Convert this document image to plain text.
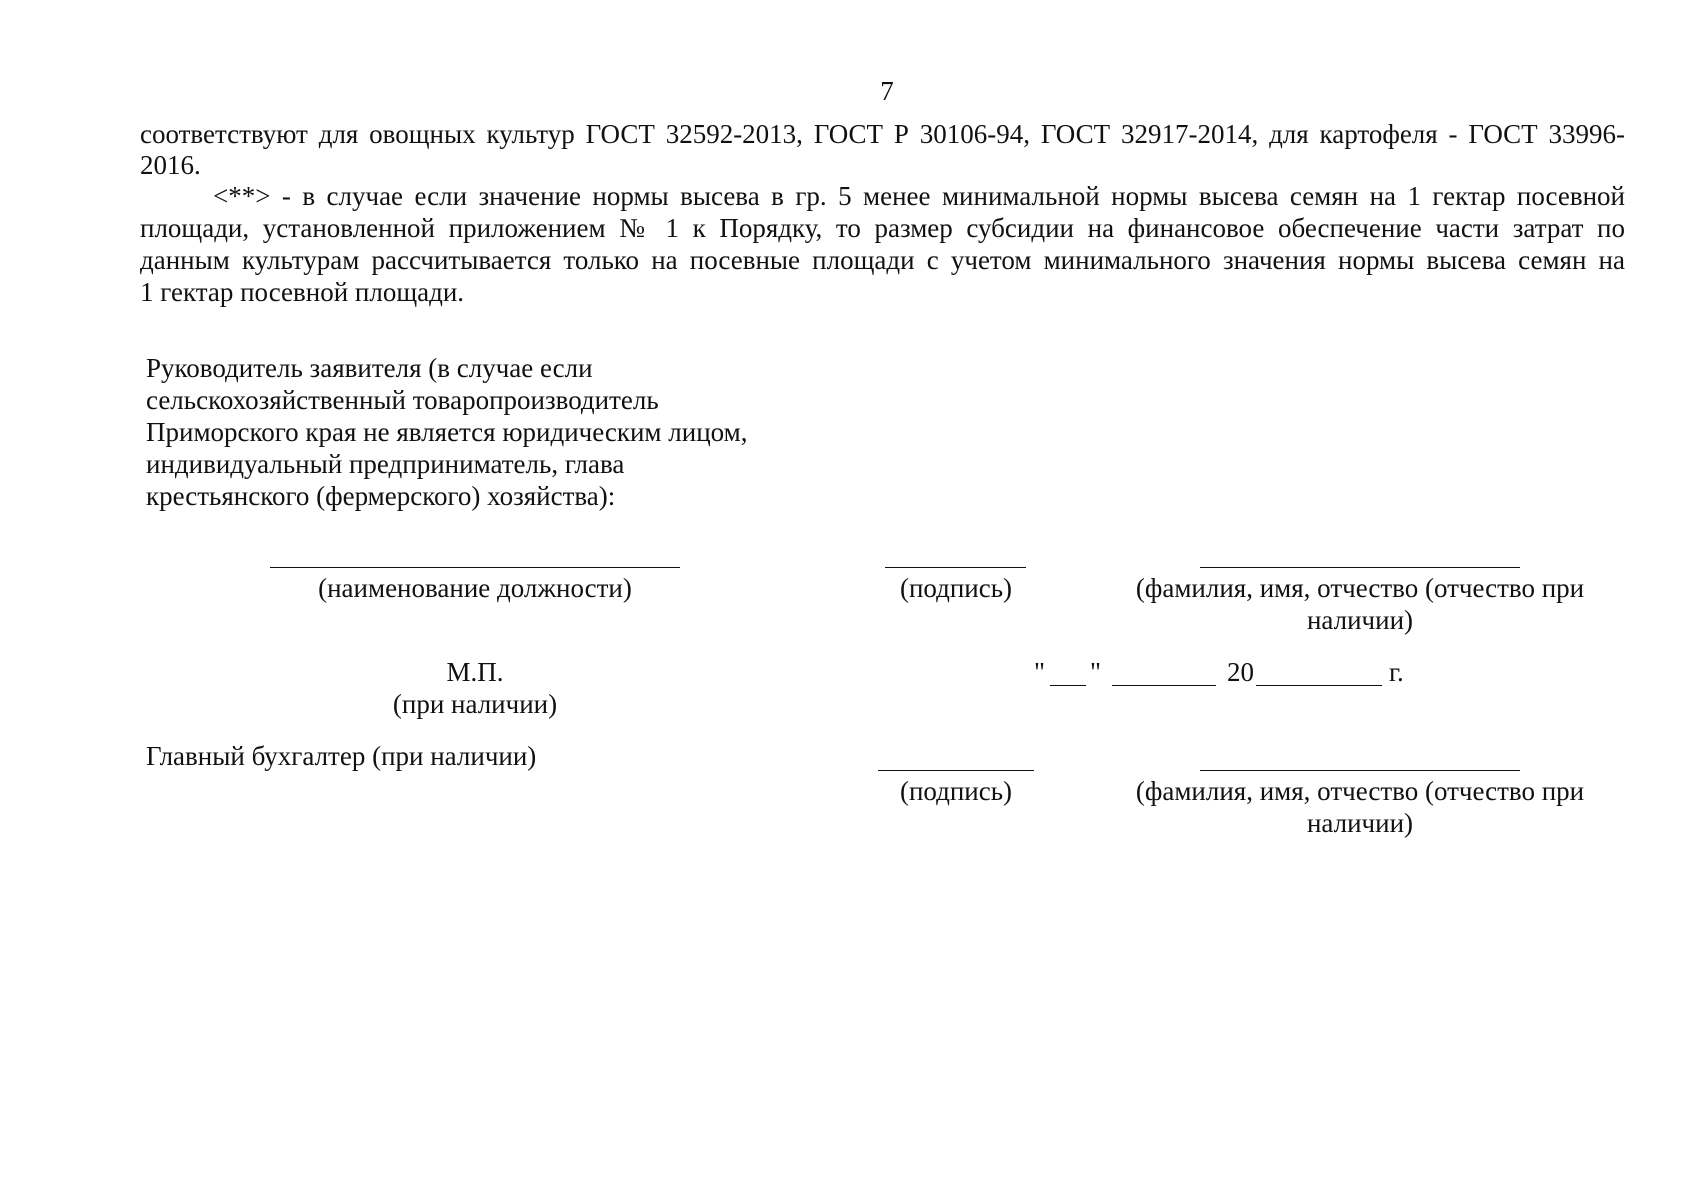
7
соответствуют для овощных культур ГОСТ 32592-2013, ГОСТ Р 30106-94, ГОСТ 32917-2014, для картофеля - ГОСТ 33996-
2016.
<**> - в случае если значение нормы высева в гр. 5 менее минимальной нормы высева семян на 1 гектар посевной
площади, установленной приложением № 1 к Порядку, то размер субсидии на финансовое обеспечение части затрат по
данным культурам рассчитывается только на посевные площади с учетом минимального значения нормы высева семян на
1 гектар посевной площади.
Руководитель заявителя (в случае если
сельскохозяйственный товаропроизводитель
Приморского края не является юридическим лицом,
индивидуальный предприниматель, глава
крестьянского (фермерского) хозяйства):
(наименование должности)	(подпись)	(фамилия, имя, отчество (отчество при
наличии)
М.П.
(при наличии)
" "	20	г.
Главный бухгалтер (при наличии)
(подпись)	(фамилия, имя, отчество (отчество при
наличии)
